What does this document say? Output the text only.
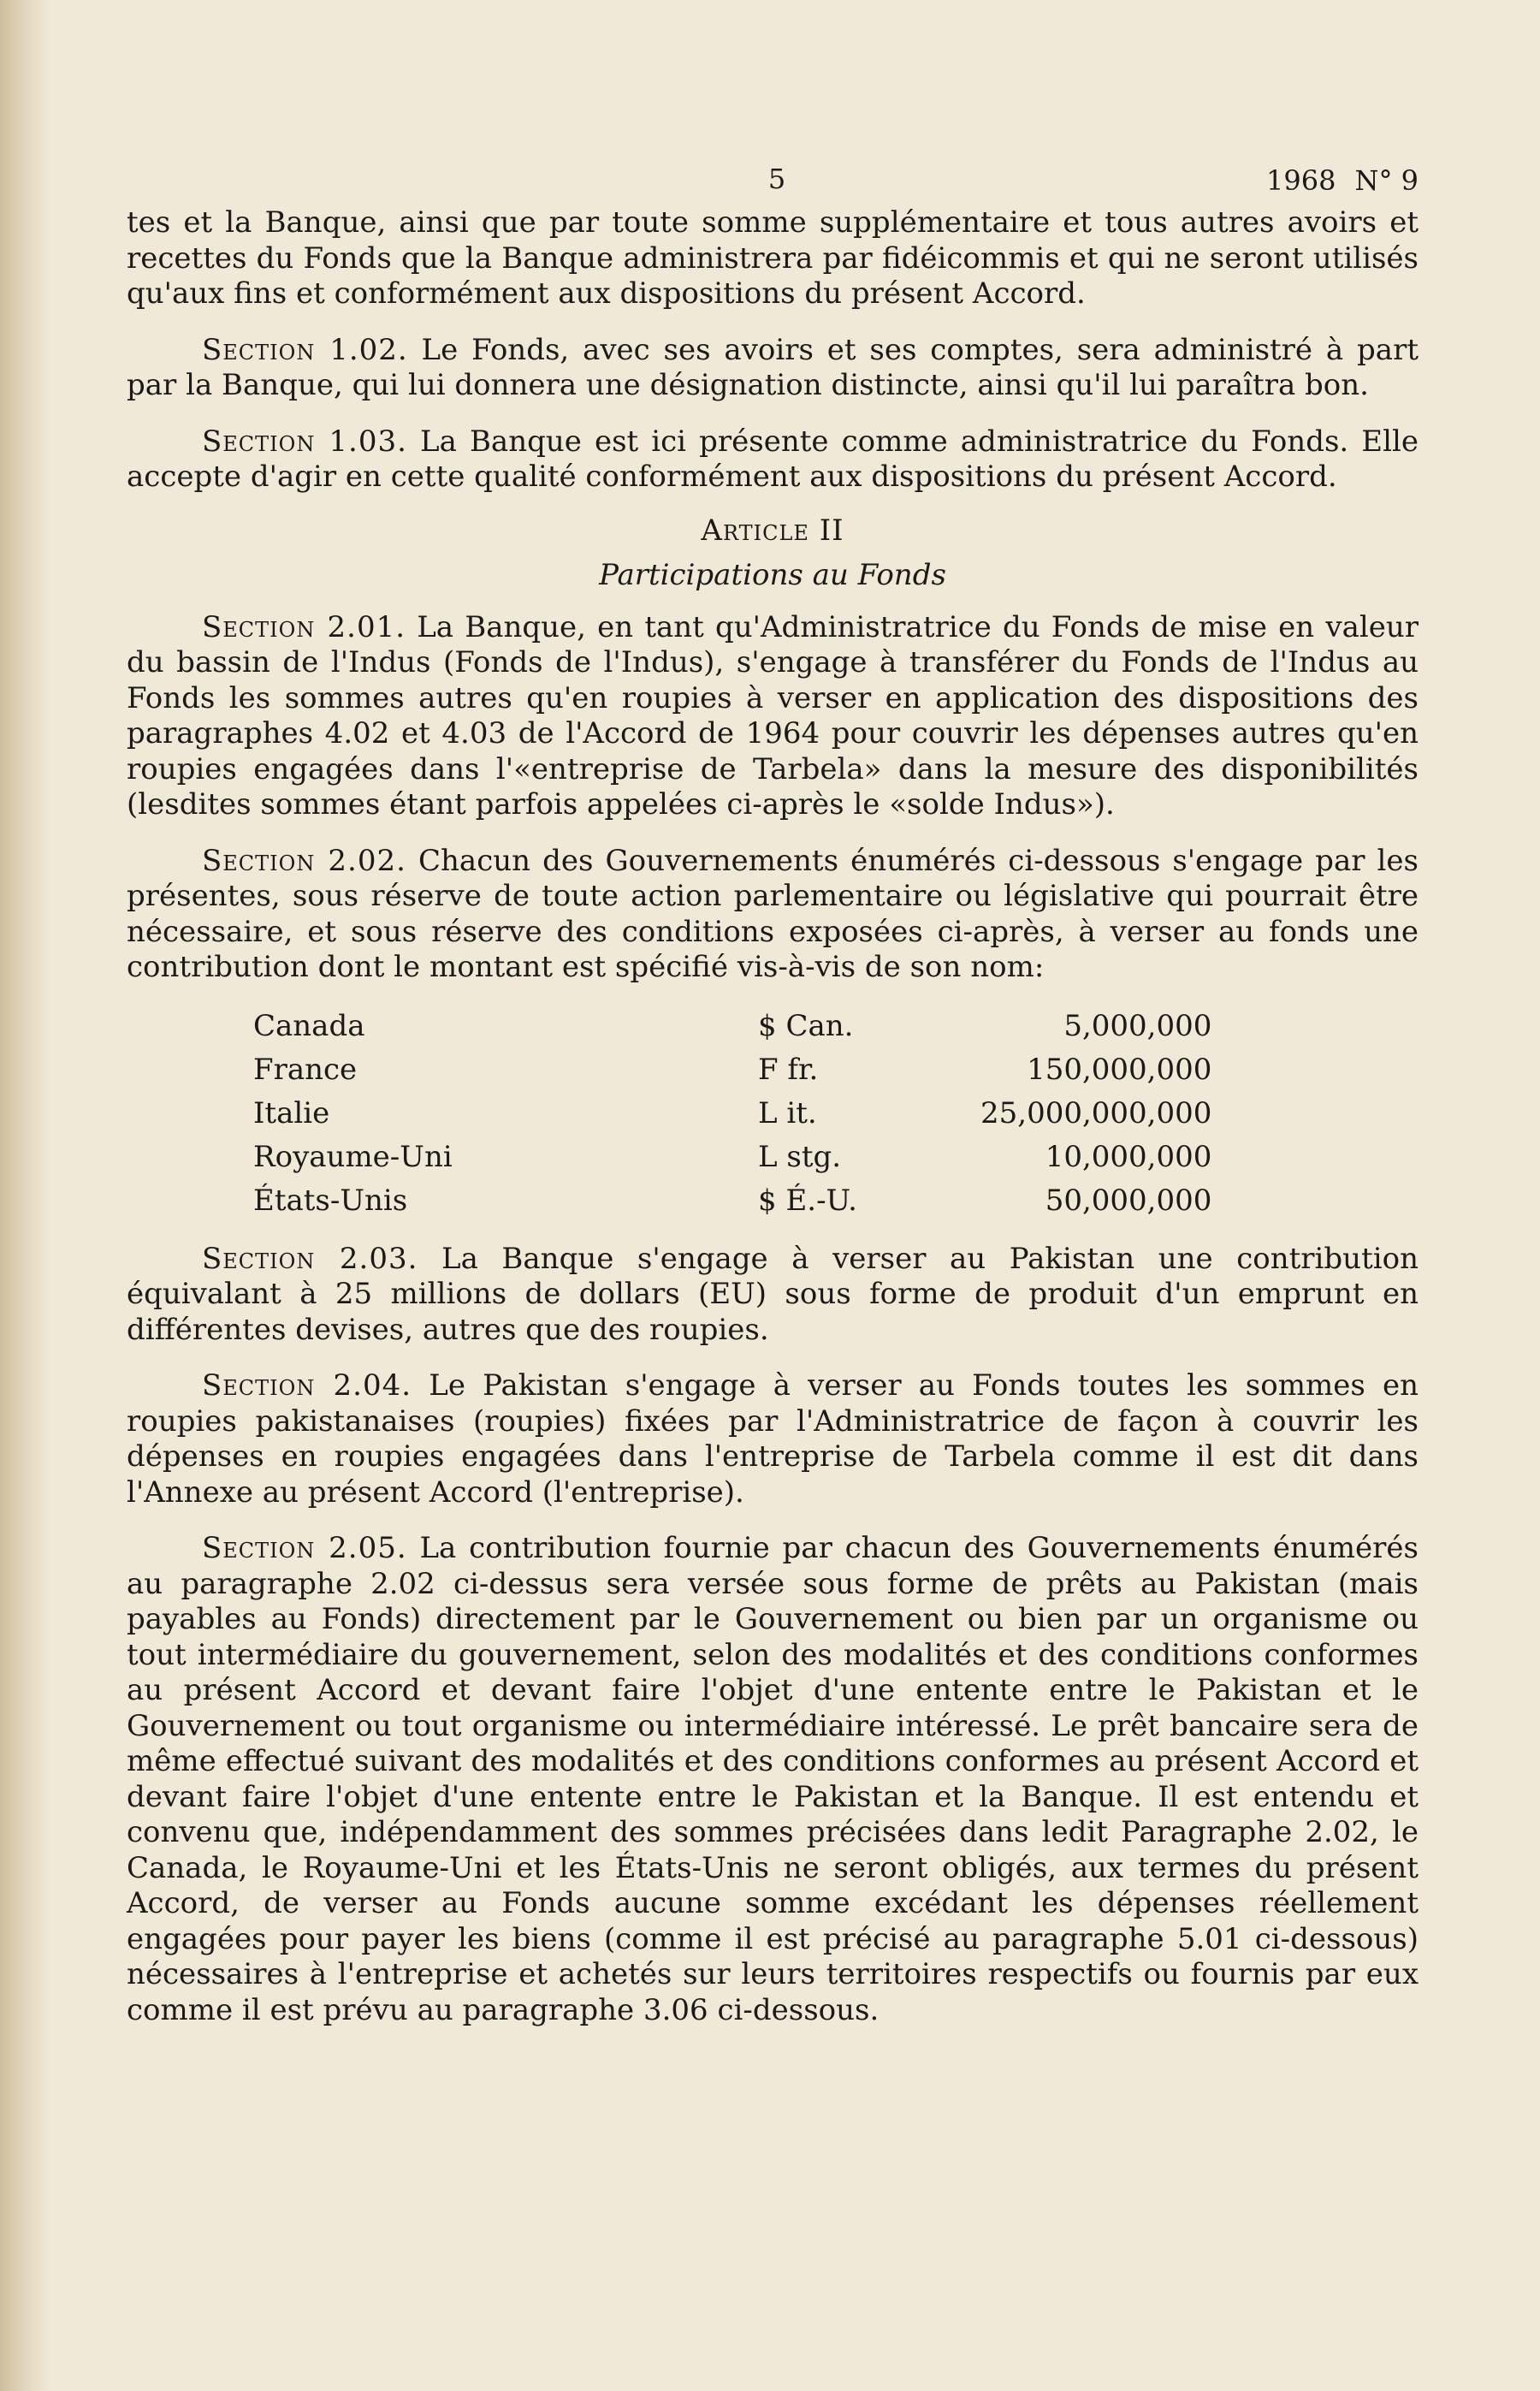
5	1968 N° 9

tes et la Banque, ainsi que par toute somme supplémentaire et tous autres avoirs et recettes du Fonds que la Banque administrera par fidéicommis et qui ne seront utilisés qu'aux fins et conformément aux dispositions du présent Accord.

Section 1.02. Le Fonds, avec ses avoirs et ses comptes, sera administré à part par la Banque, qui lui donnera une désignation distincte, ainsi qu'il lui paraîtra bon.

Section 1.03. La Banque est ici présente comme administratrice du Fonds. Elle accepte d'agir en cette qualité conformément aux dispositions du présent Accord.

Article II
Participations au Fonds

Section 2.01. La Banque, en tant qu'Administratrice du Fonds de mise en valeur du bassin de l'Indus (Fonds de l'Indus), s'engage à transférer du Fonds de l'Indus au Fonds les sommes autres qu'en roupies à verser en application des dispositions des paragraphes 4.02 et 4.03 de l'Accord de 1964 pour couvrir les dépenses autres qu'en roupies engagées dans l'«entreprise de Tarbela» dans la mesure des disponibilités (lesdites sommes étant parfois appelées ci-après le «solde Indus»).

Section 2.02. Chacun des Gouvernements énumérés ci-dessous s'engage par les présentes, sous réserve de toute action parlementaire ou législative qui pourrait être nécessaire, et sous réserve des conditions exposées ci-après, à verser au fonds une contribution dont le montant est spécifié vis-à-vis de son nom:

Canada	$ Can.	5,000,000
France	F fr.	150,000,000
Italie	L it.	25,000,000,000
Royaume-Uni	L stg.	10,000,000
États-Unis	$ É.-U.	50,000,000

Section 2.03. La Banque s'engage à verser au Pakistan une contribution équivalant à 25 millions de dollars (EU) sous forme de produit d'un emprunt en différentes devises, autres que des roupies.

Section 2.04. Le Pakistan s'engage à verser au Fonds toutes les sommes en roupies pakistanaises (roupies) fixées par l'Administratrice de façon à couvrir les dépenses en roupies engagées dans l'entreprise de Tarbela comme il est dit dans l'Annexe au présent Accord (l'entreprise).

Section 2.05. La contribution fournie par chacun des Gouvernements énumérés au paragraphe 2.02 ci-dessus sera versée sous forme de prêts au Pakistan (mais payables au Fonds) directement par le Gouvernement ou bien par un organisme ou tout intermédiaire du gouvernement, selon des modalités et des conditions conformes au présent Accord et devant faire l'objet d'une entente entre le Pakistan et le Gouvernement ou tout organisme ou intermédiaire intéressé. Le prêt bancaire sera de même effectué suivant des modalités et des conditions conformes au présent Accord et devant faire l'objet d'une entente entre le Pakistan et la Banque. Il est entendu et convenu que, indépendamment des sommes précisées dans ledit Paragraphe 2.02, le Canada, le Royaume-Uni et les États-Unis ne seront obligés, aux termes du présent Accord, de verser au Fonds aucune somme excédant les dépenses réellement engagées pour payer les biens (comme il est précisé au paragraphe 5.01 ci-dessous) nécessaires à l'entreprise et achetés sur leurs territoires respectifs ou fournis par eux comme il est prévu au paragraphe 3.06 ci-dessous.
